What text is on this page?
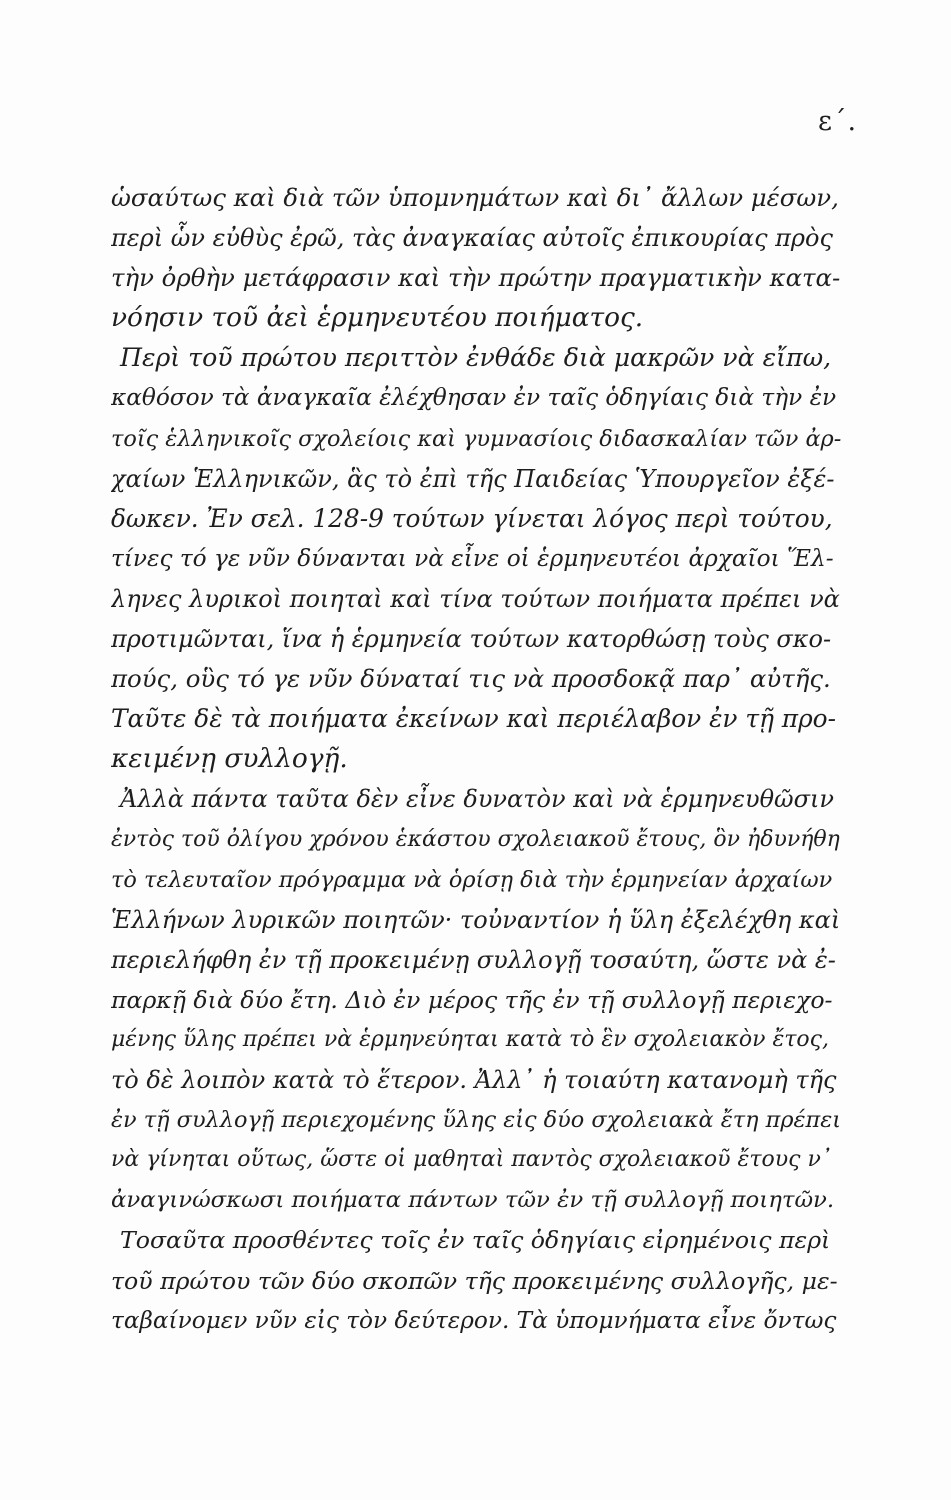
ε΄.
ὡσαύτως καὶ διὰ τῶν ὑπομνημάτων καὶ δι᾿ ἄλλων μέσων,
περὶ ὧν εὐθὺς ἐρῶ, τὰς ἀναγκαίας αὐτοῖς ἐπικουρίας πρὸς
τὴν ὀρθὴν μετάφρασιν καὶ τὴν πρώτην πραγματικὴν κατα-
νόησιν τοῦ ἀεὶ ἑρμηνευτέου ποιήματος.
Περὶ τοῦ πρώτου περιττὸν ἐνθάδε διὰ μακρῶν νὰ εἴπω,
καθόσον τὰ ἀναγκαῖα ἐλέχθησαν ἐν ταῖς ὁδηγίαις διὰ τὴν ἐν
τοῖς ἑλληνικοῖς σχολείοις καὶ γυμνασίοις διδασκαλίαν τῶν ἀρ-
χαίων Ἑλληνικῶν, ἃς τὸ ἐπὶ τῆς Παιδείας Ὑπουργεῖον ἐξέ-
δωκεν. Ἐν σελ. 128-9 τούτων γίνεται λόγος περὶ τούτου,
τίνες τό γε νῦν δύνανται νὰ εἶνε οἱ ἑρμηνευτέοι ἀρχαῖοι Ἕλ-
ληνες λυρικοὶ ποιηταὶ καὶ τίνα τούτων ποιήματα πρέπει νὰ
προτιμῶνται, ἵνα ἡ ἑρμηνεία τούτων κατορθώσῃ τοὺς σκο-
πούς, οὓς τό γε νῦν δύναταί τις νὰ προσδοκᾷ παρ᾿ αὐτῆς.
Ταῦτε δὲ τὰ ποιήματα ἐκείνων καὶ περιέλαβον ἐν τῇ προ-
κειμένῃ συλλογῇ.
Ἀλλὰ πάντα ταῦτα δὲν εἶνε δυνατὸν καὶ νὰ ἑρμηνευθῶσιν
ἐντὸς τοῦ ὀλίγου χρόνου ἑκάστου σχολειακοῦ ἔτους, ὃν ἠδυνήθη
τὸ τελευταῖον πρόγραμμα νὰ ὁρίσῃ διὰ τὴν ἑρμηνείαν ἀρχαίων
Ἑλλήνων λυρικῶν ποιητῶν· τοὐναντίον ἡ ὕλη ἐξελέχθη καὶ
περιελήφθη ἐν τῇ προκειμένῃ συλλογῇ τοσαύτη, ὥστε νὰ ἐ-
παρκῇ διὰ δύο ἔτη. Διὸ ἐν μέρος τῆς ἐν τῇ συλλογῇ περιεχο-
μένης ὕλης πρέπει νὰ ἑρμηνεύηται κατὰ τὸ ἓν σχολειακὸν ἔτος,
τὸ δὲ λοιπὸν κατὰ τὸ ἕτερον. Ἀλλ᾿ ἡ τοιαύτη κατανομὴ τῆς
ἐν τῇ συλλογῇ περιεχομένης ὕλης εἰς δύο σχολειακὰ ἔτη πρέπει
νὰ γίνηται οὕτως, ὥστε οἱ μαθηταὶ παντὸς σχολειακοῦ ἔτους ν᾿
ἀναγινώσκωσι ποιήματα πάντων τῶν ἐν τῇ συλλογῇ ποιητῶν.
Τοσαῦτα προσθέντες τοῖς ἐν ταῖς ὁδηγίαις εἰρημένοις περὶ
τοῦ πρώτου τῶν δύο σκοπῶν τῆς προκειμένης συλλογῆς, με-
ταβαίνομεν νῦν εἰς τὸν δεύτερον. Τὰ ὑπομνήματα εἶνε ὄντως
